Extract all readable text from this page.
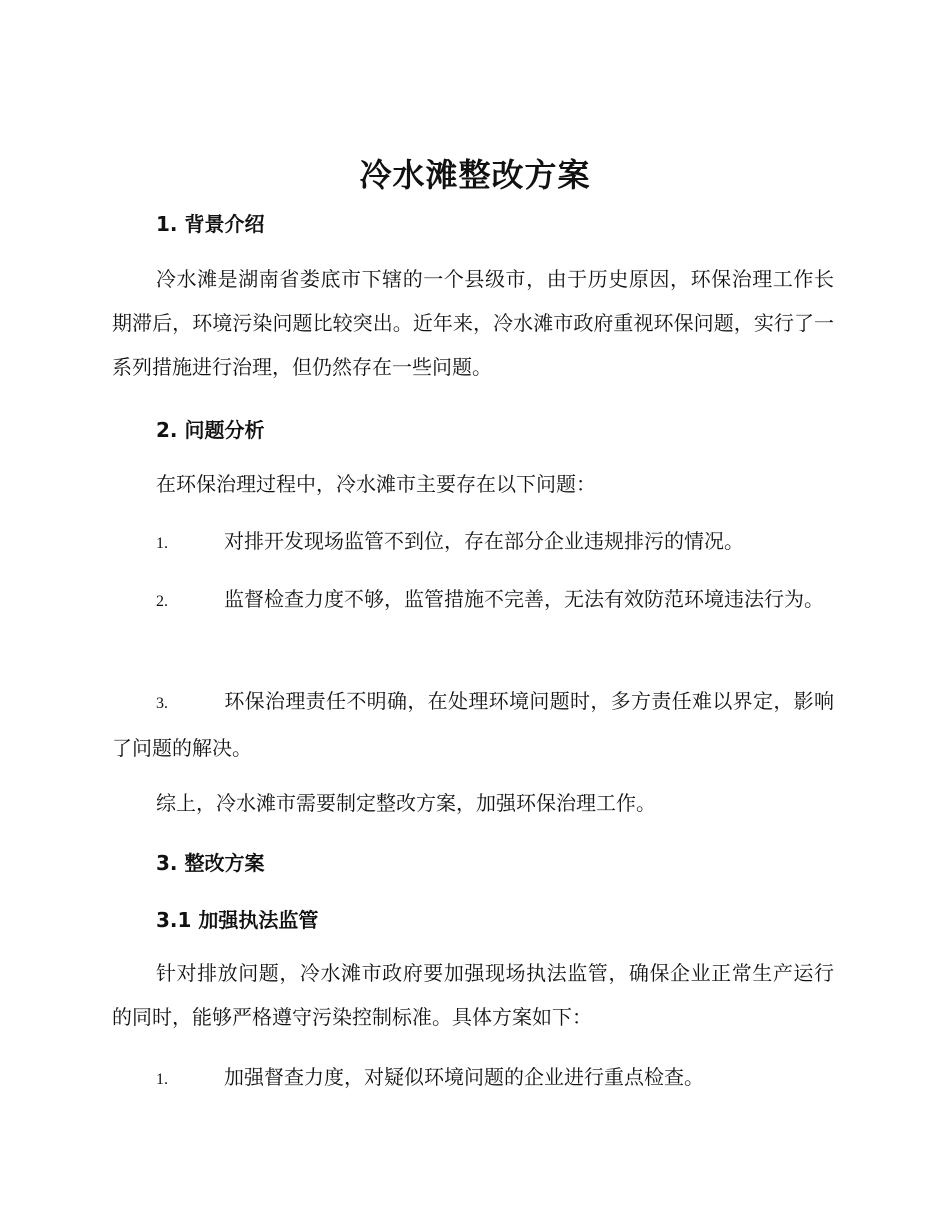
冷水滩整改方案
1. 背景介绍
冷水滩是湖南省娄底市下辖的一个县级市，由于历史原因，环保治理工作长期滞后，环境污染问题比较突出。近年来，冷水滩市政府重视环保问题，实行了一系列措施进行治理，但仍然存在一些问题。
2. 问题分析
在环保治理过程中，冷水滩市主要存在以下问题：
1.	对排开发现场监管不到位，存在部分企业违规排污的情况。
2.	监督检查力度不够，监管措施不完善，无法有效防范环境违法行为。
3.	环保治理责任不明确，在处理环境问题时，多方责任难以界定，影响了问题的解决。
综上，冷水滩市需要制定整改方案，加强环保治理工作。
3. 整改方案
3.1 加强执法监管
针对排放问题，冷水滩市政府要加强现场执法监管，确保企业正常生产运行的同时，能够严格遵守污染控制标准。具体方案如下：
1.	加强督查力度，对疑似环境问题的企业进行重点检查。
